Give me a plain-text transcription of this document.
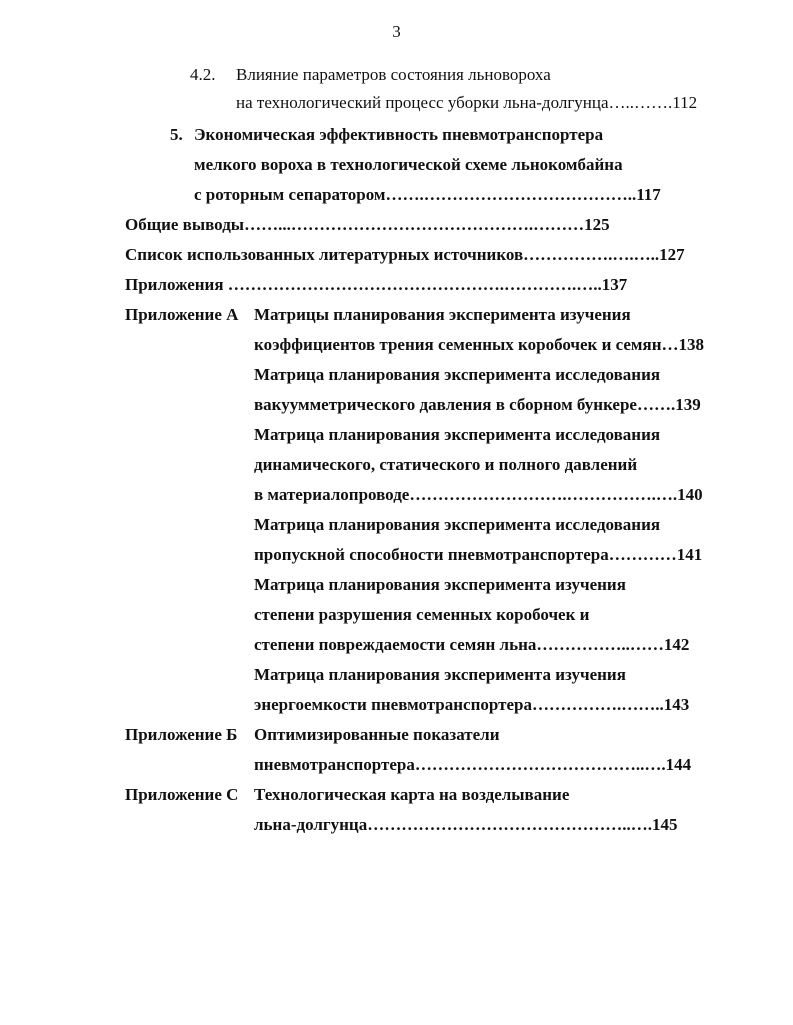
3
4.2. Влияние параметров состояния льновороха
на технологический процесс уборки льна-долгунца…..…….112
5. Экономическая эффективность пневмотранспортера
мелкого вороха в технологической схеме льнокомбайна
с роторным сепаратором…….………………………………..117
Общие выводы……...…………………………………….………125
Список использованных литературных источников…………….….…..127
Приложения ………………………………………….………….…..137
Приложение А Матрицы планирования эксперимента изучения
коэффициентов трения семенных коробочек и семян…138
Матрица планирования эксперимента исследования
вакуумметрического давления в сборном бункере…….139
Матрица планирования эксперимента исследования
динамического, статического и полного давлений
в материалопроводе……………………….…………….….140
Матрица планирования эксперимента исследования
пропускной способности пневмотранспортера…………141
Матрица планирования эксперимента изучения
степени разрушения семенных коробочек и
степени повреждаемости семян льна……………..……142
Матрица планирования эксперимента изучения
энергоемкости пневмотранспортера…………….……..143
Приложение Б Оптимизированные показатели
пневмотранспортера…………………………………..….144
Приложение С Технологическая карта на возделывание
льна-долгунца………………………………………..….145
